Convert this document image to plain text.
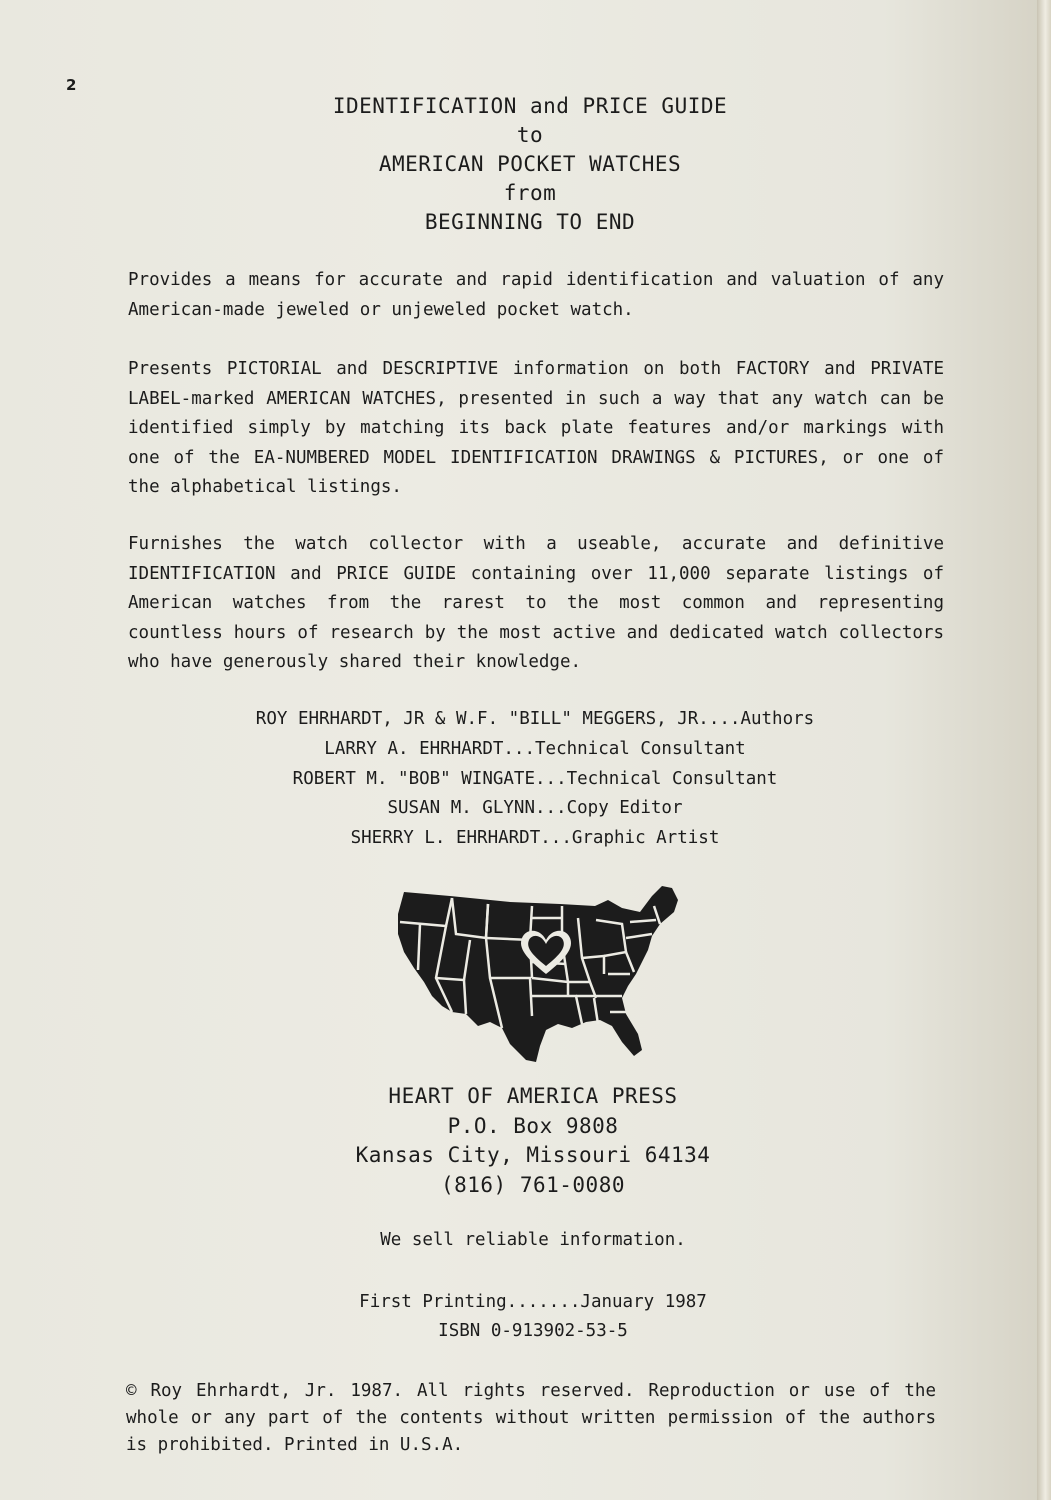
2
IDENTIFICATION and PRICE GUIDE
to
AMERICAN POCKET WATCHES
from
BEGINNING TO END
Provides a means for accurate and rapid identification and valuation of any American-made jeweled or unjeweled pocket watch.
Presents PICTORIAL and DESCRIPTIVE information on both FACTORY and PRIVATE LABEL-marked AMERICAN WATCHES, presented in such a way that any watch can be identified simply by matching its back plate features and/or markings with one of the EA-NUMBERED MODEL IDENTIFICATION DRAWINGS & PICTURES, or one of the alphabetical listings.
Furnishes the watch collector with a useable, accurate and definitive IDENTIFICATION and PRICE GUIDE containing over 11,000 separate listings of American watches from the rarest to the most common and representing countless hours of research by the most active and dedicated watch collectors who have generously shared their knowledge.
ROY EHRHARDT, JR & W.F. "BILL" MEGGERS, JR....Authors
LARRY A. EHRHARDT...Technical Consultant
ROBERT M. "BOB" WINGATE...Technical Consultant
SUSAN M. GLYNN...Copy Editor
SHERRY L. EHRHARDT...Graphic Artist
HEART OF AMERICA PRESS
P.O. Box 9808
Kansas City, Missouri 64134
(816) 761-0080
We sell reliable information.
First Printing.......January 1987
ISBN 0-913902-53-5
© Roy Ehrhardt, Jr. 1987. All rights reserved. Reproduction or use of the whole or any part of the contents without written permission of the authors is prohibited. Printed in U.S.A.
